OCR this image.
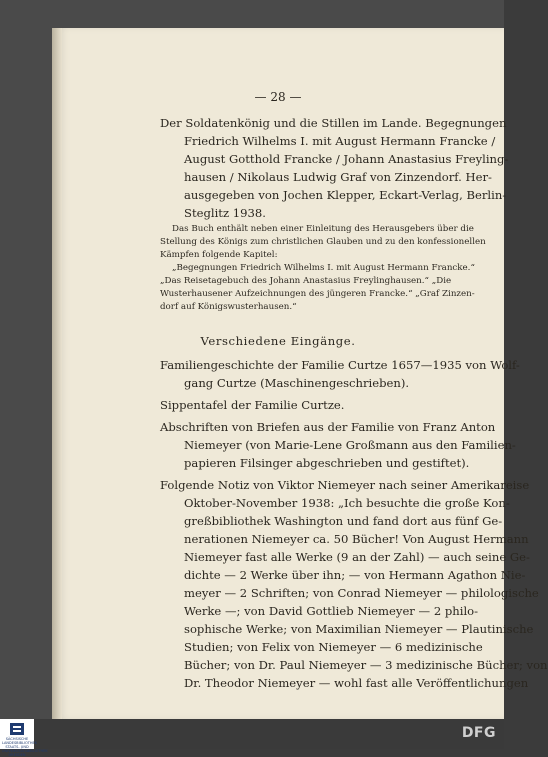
— 28 —
Der Soldatenkönig und die Stillen im Lande. Begegnungen
Friedrich Wilhelms I. mit August Hermann Francke /
August Gotthold Francke / Johann Anastasius Freyling-
hausen / Nikolaus Ludwig Graf von Zinzendorf. Her-
ausgegeben von Jochen Klepper, Eckart-Verlag, Berlin-
Steglitz 1938.
Das Buch enthält neben einer Einleitung des Herausgebers über die
Stellung des Königs zum christlichen Glauben und zu den konfessionellen
Kämpfen folgende Kapitel:
„Begegnungen Friedrich Wilhelms I. mit August Hermann Francke.“
„Das Reisetagebuch des Johann Anastasius Freylinghausen.“ „Die
Wusterhausener Aufzeichnungen des jüngeren Francke.“ „Graf Zinzen-
dorf auf Königswusterhausen.“
Verschiedene Eingänge.
Familiengeschichte der Familie Curtze 1657—1935 von Wolf-
gang Curtze (Maschinengeschrieben).
Sippentafel der Familie Curtze.
Abschriften von Briefen aus der Familie von Franz Anton
Niemeyer (von Marie-Lene Großmann aus den Familien-
papieren Filsinger abgeschrieben und gestiftet).
Folgende Notiz von Viktor Niemeyer nach seiner Amerikareise
Oktober-November 1938: „Ich besuchte die große Kon-
greßbibliothek Washington und fand dort aus fünf Ge-
nerationen Niemeyer ca. 50 Bücher! Von August Hermann
Niemeyer fast alle Werke (9 an der Zahl) — auch seine Ge-
dichte — 2 Werke über ihn; — von Hermann Agathon Nie-
meyer — 2 Schriften; von Conrad Niemeyer — philologische
Werke —; von David Gottlieb Niemeyer — 2 philo-
sophische Werke; von Maximilian Niemeyer — Plautinische
Studien; von Felix von Niemeyer — 6 medizinische
Bücher; von Dr. Paul Niemeyer — 3 medizinische Bücher; von
Dr. Theodor Niemeyer — wohl fast alle Veröffentlichungen
SÄCHSISCHE LANDESBIBLIOTHEK STAATS- UND UNIVERSITÄTSBIBLIOTHEK DRESDEN
DFG
